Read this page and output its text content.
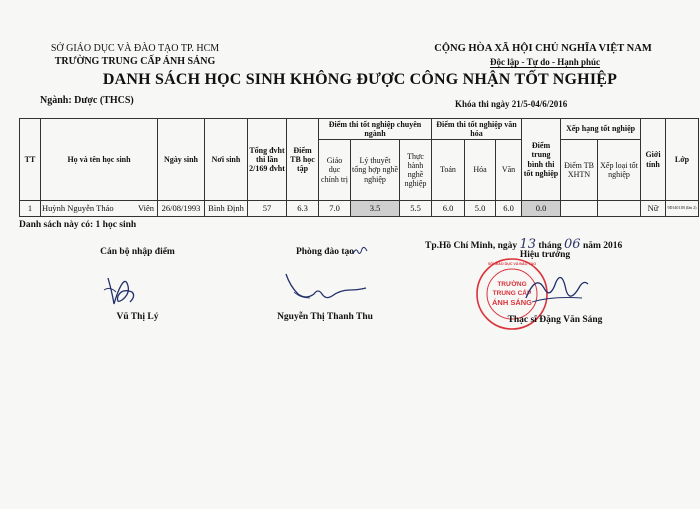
SỞ GIÁO DỤC VÀ ĐÀO TẠO TP. HCM
TRƯỜNG TRUNG CẤP ÁNH SÁNG
CỘNG HÒA XÃ HỘI CHỦ NGHĨA VIỆT NAM
Độc lập - Tự do - Hạnh phúc
DANH SÁCH HỌC SINH KHÔNG ĐƯỢC CÔNG NHẬN TỐT NGHIỆP
Ngành: Dược (THCS)	Khóa thi ngày 21/5-04/6/2016
TT	Họ và tên học sinh	Ngày sinh	Nơi sinh	Tổng đvht thi lần 2/169 đvht	Điểm TB học tập	Điểm thi tốt nghiệp chuyên ngành			Điểm thi tốt nghiệp văn hóa			Điểm trung bình thi tốt nghiệp	Xếp hạng tốt nghiệp		Giới tính	Lớp
						Giáo dục chính trị	Lý thuyết tổng hợp nghề nghiệp	Thực hành nghề nghiệp	Toán	Hóa	Văn		Điểm TB XHTN	Xếp loại tốt nghiệp		
1	Huỳnh Nguyễn Thảo Viên	26/08/1993	Bình Định	57	6.3	7.0	3.5	5.5	6.0	5.0	6.0	0.0			Nữ	9D14011B (lần 2)
Danh sách này có: 1 học sinh
Cán bộ nhập điểm	Phòng đào tạo
Tp.Hồ Chí Minh, ngày 13 tháng 06 năm 2016
Hiệu trưởng
TRƯỜNG
TRUNG CẤP
ÁNH SÁNG
SỞ GIÁO DỤC VÀ ĐÀO TẠO
Vũ Thị Lý	Nguyễn Thị Thanh Thu	Thạc sĩ Đặng Văn Sáng
